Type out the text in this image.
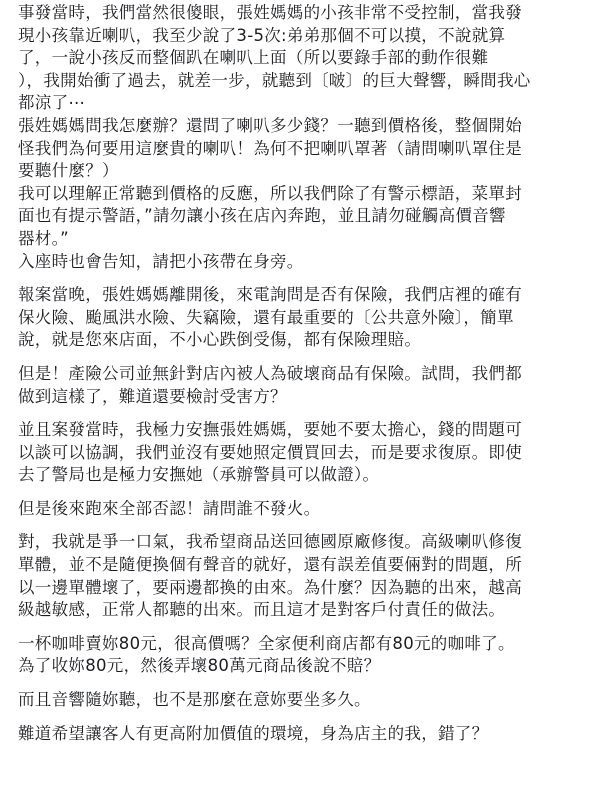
事發當時，我們當然很傻眼，張姓媽媽的小孩非常不受控制，當我發
現小孩靠近喇叭，我至少說了3-5次:弟弟那個不可以摸，不說就算
了，一說小孩反而整個趴在喇叭上面（所以要錄手部的動作很難
），我開始衝了過去，就差一步，就聽到〔啵〕的巨大聲響，瞬間我心
都涼了⋯
張姓媽媽問我怎麼辦？還問了喇叭多少錢？一聽到價格後，整個開始
怪我們為何要用這麼貴的喇叭！為何不把喇叭罩著（請問喇叭罩住是
要聽什麼？）
我可以理解正常聽到價格的反應，所以我們除了有警示標語，菜單封
面也有提示警語，”請勿讓小孩在店內奔跑，並且請勿碰觸高價音響
器材。”
入座時也會告知，請把小孩帶在身旁。
報案當晚，張姓媽媽離開後，來電詢問是否有保險，我們店裡的確有
保火險、颱風洪水險、失竊險，還有最重要的〔公共意外險〕，簡單
說，就是您來店面，不小心跌倒受傷，都有保險理賠。
但是！產險公司並無針對店內被人為破壞商品有保險。試問，我們都
做到這樣了，難道還要檢討受害方？
並且案發當時，我極力安撫張姓媽媽，要她不要太擔心，錢的問題可
以談可以協調，我們並沒有要她照定價買回去，而是要求復原。即使
去了警局也是極力安撫她（承辦警員可以做證）。
但是後來跑來全部否認！請問誰不發火。
對，我就是爭一口氣，我希望商品送回德國原廠修復。高級喇叭修復
單體，並不是隨便換個有聲音的就好，還有誤差值要倆對的問題，所
以一邊單體壞了，要兩邊都換的由來。為什麼？因為聽的出來，越高
級越敏感，正常人都聽的出來。而且這才是對客戶付責任的做法。
一杯咖啡賣妳80元，很高價嗎？全家便利商店都有80元的咖啡了。
為了收妳80元，然後弄壞80萬元商品後說不賠？
而且音響隨妳聽，也不是那麼在意妳要坐多久。
難道希望讓客人有更高附加價值的環境，身為店主的我，錯了？
